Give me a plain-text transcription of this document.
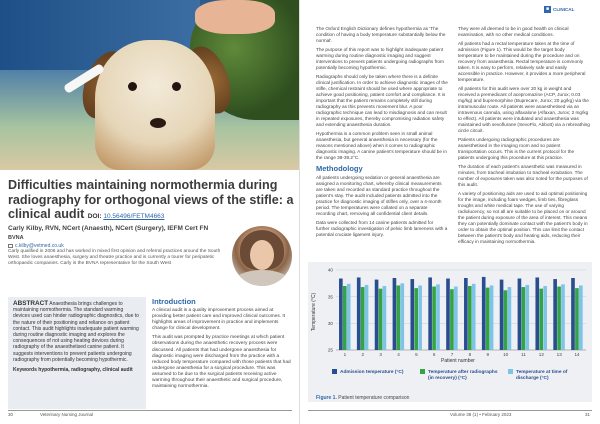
Difficulties maintaining normothermia during radiography for orthogonal views of the stifle: a clinical audit DOI: 10.56496/FETM4663
Carly Kilby, RVN, NCert (Anaesth), NCert (Surgery), IEFM Cert FN
BVNA
c.kilby@vetmed.co.uk
Carly qualified in 2006 and has worked in mixed first opinion and referral practices around the South West. She loves anaesthesia, surgery and theatre practice and is currently a tourer for peripatetic orthopaedic companies. Carly is the BVNA representative for the South West

ABSTRACT Anaesthesia brings challenges to maintaining normothermia. The standard warming devices used can hinder radiographic diagnostics, due to the nature of their positioning and reliance on patient contact. This audit highlights inadequate patient warming during routine diagnostic imaging and explores the consequences of not using heating devices during radiography of the anaesthetised canine patient. It suggests interventions to prevent patients undergoing radiography from potentially becoming hypothermic.

Keywords hypothermia, radiography, clinical audit

Introduction

A clinical audit is a quality improvement process aimed at providing better patient care and improved clinical outcomes. It highlights areas of improvement in practice and implements change for clinical development.

This audit was prompted by practice meetings at which patient observations during the anaesthetic recovery process were discussed. All patients that had undergone anaesthesia for diagnostic imaging were discharged from the practice with a reduced body temperature compared with those patients that had undergone anaesthesia for a surgical procedure. This was assumed to be due to the surgical patients receiving active warming throughout their anaesthetic and surgical procedure, maintaining normothermia.

30	Veterinary Nursing Journal
■ CLINICAL

The Oxford English Dictionary defines hypothermia as 'The condition of having a body temperature substantially below the normal'.

The purpose of this report was to highlight inadequate patient warming during routine diagnostic imaging and suggest interventions to prevent patients undergoing radiographs from potentially becoming hypothermic.

Radiographs should only be taken where there is a definite clinical justification. In order to achieve diagnostic images of the stifle, chemical restraint should be used where appropriate to achieve good positioning, patient comfort and compliance. It is important that the patient remains completely still during radiography as this prevents movement blur. A poor radiographic technique can lead to misdiagnosis and can result in repeated exposures, thereby compromising radiation safety and extending anaesthesia duration.

Hypothermia is a common problem seen in small animal anaesthesia, but general anaesthesia is necessary (for the reasons mentioned above) when it comes to radiographic diagnostic imaging. A canine patient's temperature should be in the range 38-39.2°C.

Methodology

All patients undergoing sedation or general anaesthesia are assigned a monitoring chart, whereby clinical measurements are taken and recorded as standard practice throughout the patient's stay. The audit included patients admitted into the practice for diagnostic imaging of stifles only, over a 4-month period. The temperatures were collated on a separate recording chart, removing all confidential client details.

Data were collected from 14 canine patients admitted for further radiographic investigation of pelvic limb lameness with a potential cruciate ligament injury.

They were all deemed to be in good health on clinical examination, with no other medical conditions.

All patients had a rectal temperature taken at the time of admission (Figure 1). This would be the target body temperature to be maintained during the procedure and on recovery from anaesthesia. Rectal temperature is commonly taken. It is easy to perform, relatively safe and easily accessible in practice. However, it provides a more peripheral temperature.

All patients for this audit were over 20 kg in weight and received a premedicant of acepromazine (ACP, Jurox; 0.03 mg/kg) and buprenorphine (Buprecare, Jurox; 20 µg/kg) via the intramuscular route. All patients were anaesthetised via an intravenous cannula, using alfaxalone (Alfaxan, Jurox; 2 mg/kg to effect). All patients were intubated and anaesthesia was maintained with sevoflurane (SevoFlo, Abbott) via a rebreathing circle circuit.

Patients undergoing radiographic procedures are anaesthetised in the imaging room and so patient transportation occurs. This is the current protocol for the patients undergoing this procedure at this practice.

The duration of each patient's anaesthetic was measured in minutes, from tracheal intubation to tracheal extubation. The number of exposures taken was also noted for the purposes of this audit.

A variety of positioning aids are used to aid optimal positioning for the image, including foam wedges, limb ties, fibreglass troughs and white medical tape. The use of varying radiolucency, so not all are suitable to be placed on or around the patient during exposure of the area of interest. This means they can potentially dominate contact with the patient's body in order to obtain the optimal position. This can limit the contact between the patient's body and heating aids, reducing their efficacy in maintaining normothermia.

Temperature (°C)
Patient number
25
30
35
40
1	2	3	4	5	6	7	8	9	10	11	12	13	14
Admission temperature (°C)	Temperature after radiographs (in recovery) (°C)
Temperature at time of discharge (°C)
Figure 1. Patient temperature comparison
Volume 38 (1) • February 2023	31
